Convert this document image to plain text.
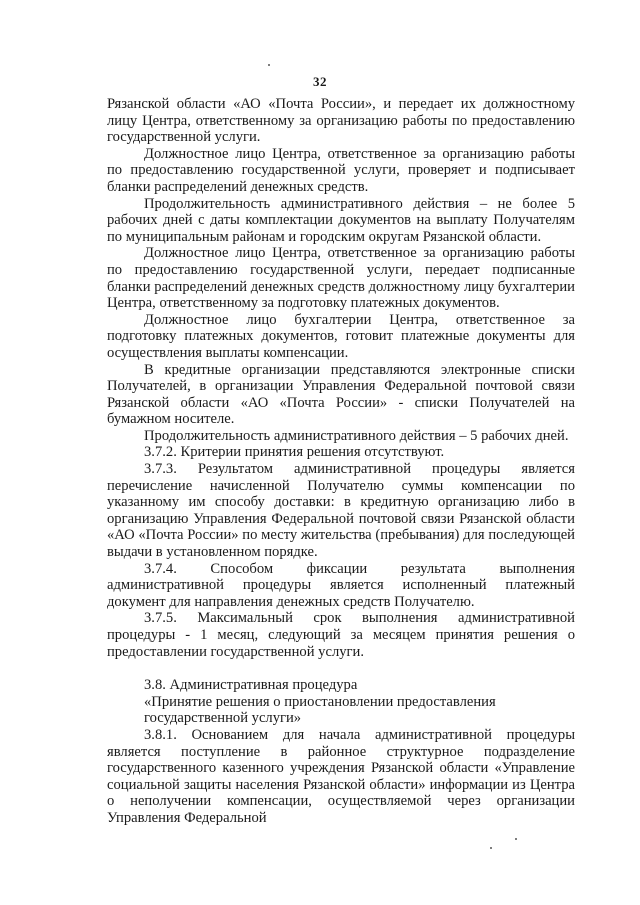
32

Рязанской области «АО «Почта России», и передает их должностному лицу Центра, ответственному за организацию работы по предоставлению государственной услуги.

Должностное лицо Центра, ответственное за организацию работы по предоставлению государственной услуги, проверяет и подписывает бланки распределений денежных средств.

Продолжительность административного действия – не более 5 рабочих дней с даты комплектации документов на выплату Получателям по муниципальным районам и городским округам Рязанской области.

Должностное лицо Центра, ответственное за организацию работы по предоставлению государственной услуги, передает подписанные бланки распределений денежных средств должностному лицу бухгалтерии Центра, ответственному за подготовку платежных документов.

Должностное лицо бухгалтерии Центра, ответственное за подготовку платежных документов, готовит платежные документы для осуществления выплаты компенсации.

В кредитные организации представляются электронные списки Получателей, в организации Управления Федеральной почтовой связи Рязанской области «АО «Почта России» - списки Получателей на бумажном носителе.

Продолжительность административного действия – 5 рабочих дней.

3.7.2. Критерии принятия решения отсутствуют.

3.7.3. Результатом административной процедуры является перечисление начисленной Получателю суммы компенсации по указанному им способу доставки: в кредитную организацию либо в организацию Управления Федеральной почтовой связи Рязанской области «АО «Почта России» по месту жительства (пребывания) для последующей выдачи в установленном порядке.

3.7.4. Способом фиксации результата выполнения административной процедуры является исполненный платежный документ для направления денежных средств Получателю.

3.7.5. Максимальный срок выполнения административной процедуры - 1 месяц, следующий за месяцем принятия решения о предоставлении государственной услуги.

3.8. Административная процедура

«Принятие решения о приостановлении предоставления

государственной услуги»

3.8.1. Основанием для начала административной процедуры является поступление в районное структурное подразделение государственного казенного учреждения Рязанской области «Управление социальной защиты населения Рязанской области» информации из Центра о неполучении компенсации, осуществляемой через организации Управления Федеральной
